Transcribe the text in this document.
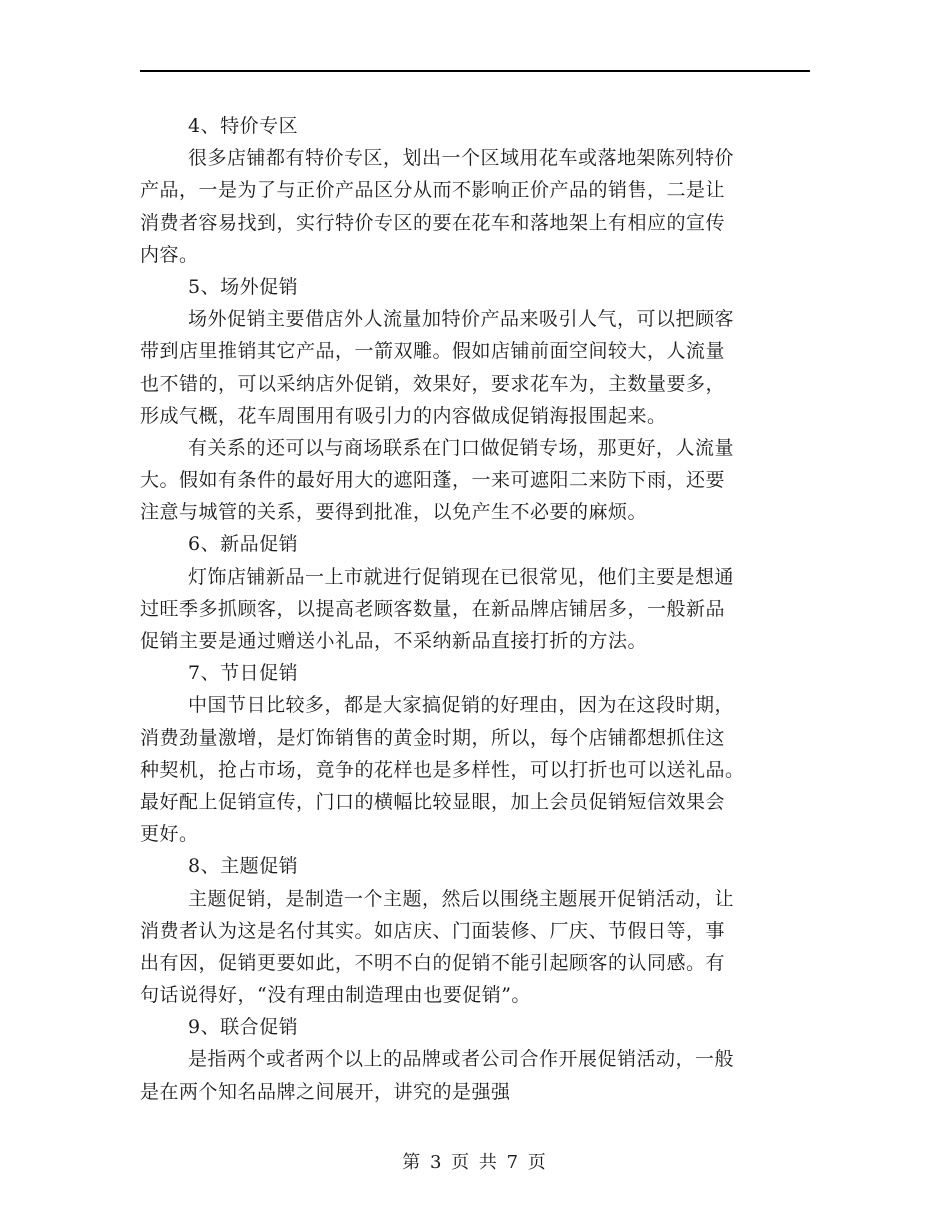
4、特价专区
很多店铺都有特价专区，划出一个区域用花车或落地架陈列特价
产品，一是为了与正价产品区分从而不影响正价产品的销售，二是让
消费者容易找到，实行特价专区的要在花车和落地架上有相应的宣传
内容。
5、场外促销
场外促销主要借店外人流量加特价产品来吸引人气，可以把顾客
带到店里推销其它产品，一箭双雕。假如店铺前面空间较大，人流量
也不错的，可以采纳店外促销，效果好，要求花车为，主数量要多，
形成气概，花车周围用有吸引力的内容做成促销海报围起来。
有关系的还可以与商场联系在门口做促销专场，那更好，人流量
大。假如有条件的最好用大的遮阳蓬，一来可遮阳二来防下雨，还要
注意与城管的关系，要得到批准，以免产生不必要的麻烦。
6、新品促销
灯饰店铺新品一上市就进行促销现在已很常见，他们主要是想通
过旺季多抓顾客，以提高老顾客数量，在新品牌店铺居多，一般新品
促销主要是通过赠送小礼品，不采纳新品直接打折的方法。
7、节日促销
中国节日比较多，都是大家搞促销的好理由，因为在这段时期，
消费劲量激增，是灯饰销售的黄金时期，所以，每个店铺都想抓住这
种契机，抢占市场，竟争的花样也是多样性，可以打折也可以送礼品。
最好配上促销宣传，门口的横幅比较显眼，加上会员促销短信效果会
更好。
8、主题促销
主题促销，是制造一个主题，然后以围绕主题展开促销活动，让
消费者认为这是名付其实。如店庆、门面装修、厂庆、节假日等，事
出有因，促销更要如此，不明不白的促销不能引起顾客的认同感。有
句话说得好，“没有理由制造理由也要促销”。
9、联合促销
是指两个或者两个以上的品牌或者公司合作开展促销活动，一般
是在两个知名品牌之间展开，讲究的是强强
第 3 页 共 7 页
